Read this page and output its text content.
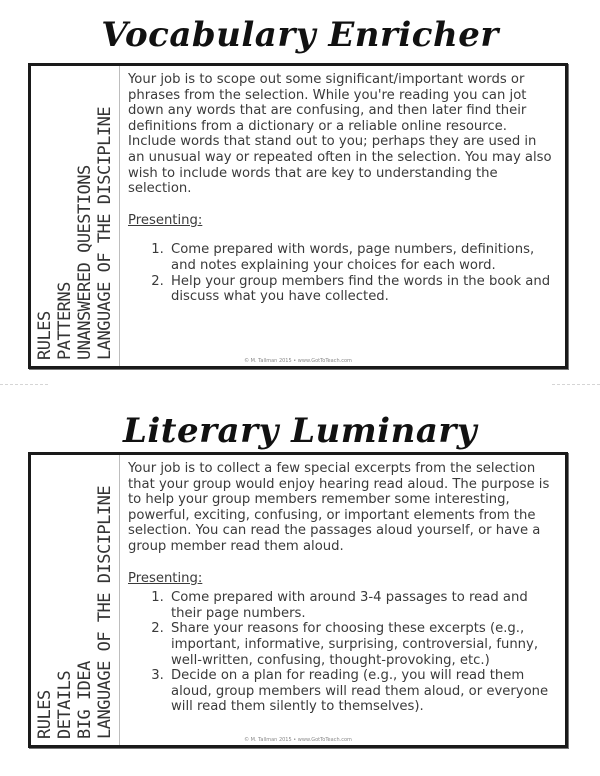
Vocabulary Enricher
RULES PATTERNS UNANSWERED QUESTIONS LANGUAGE OF THE DISCIPLINE

Your job is to scope out some significant/important words or phrases from the selection. While you're reading you can jot down any words that are confusing, and then later find their definitions from a dictionary or a reliable online resource. Include words that stand out to you; perhaps they are used in an unusual way or repeated often in the selection. You may also wish to include words that are key to understanding the selection.

Presenting:
1. Come prepared with words, page numbers, definitions, and notes explaining your choices for each word.
2. Help your group members find the words in the book and discuss what you have collected.
© M. Tallman 2015 • www.GotToTeach.com
Literary Luminary
RULES DETAILS BIG IDEA LANGUAGE OF THE DISCIPLINE

Your job is to collect a few special excerpts from the selection that your group would enjoy hearing read aloud. The purpose is to help your group members remember some interesting, powerful, exciting, confusing, or important elements from the selection. You can read the passages aloud yourself, or have a group member read them aloud.

Presenting:
1. Come prepared with around 3-4 passages to read and their page numbers.
2. Share your reasons for choosing these excerpts (e.g., important, informative, surprising, controversial, funny, well-written, confusing, thought-provoking, etc.)
3. Decide on a plan for reading (e.g., you will read them aloud, group members will read them aloud, or everyone will read them silently to themselves).
© M. Tallman 2015 • www.GotToTeach.com
